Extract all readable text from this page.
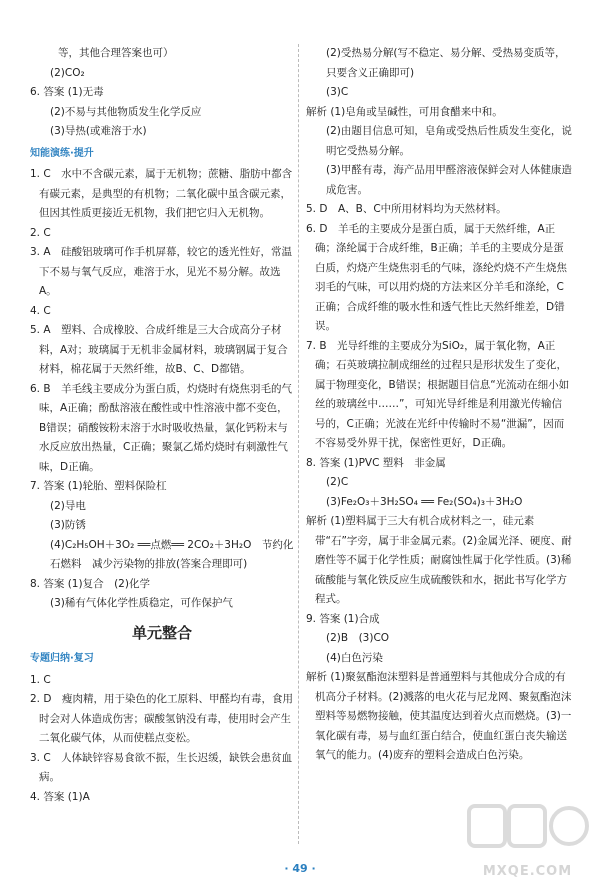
等，其他合理答案也可）

(2)CO₂

6. 答案 (1)无毒

(2)不易与其他物质发生化学反应

(3)导热(或难溶于水)

知能演练·提升

1. C　水中不含碳元素，属于无机物；蔗糖、脂肪中都含有碳元素，是典型的有机物；二氧化碳中虽含碳元素，但因其性质更接近无机物，我们把它归入无机物。

2. C

3. A　硅酸铝玻璃可作手机屏幕，较它的透光性好，常温下不易与氧气反应，难溶于水，见光不易分解。故选A。

4. C

5. A　塑料、合成橡胶、合成纤维是三大合成高分子材料，A对；玻璃属于无机非金属材料，玻璃钢属于复合材料，棉花属于天然纤维，故B、C、D都错。

6. B　羊毛线主要成分为蛋白质，灼烧时有烧焦羽毛的气味，A正确；酚酞溶液在酸性或中性溶液中都不变色，B错误；硝酸铵粉末溶于水时吸收热量，氯化钙粉末与水反应放出热量，C正确；聚氯乙烯灼烧时有刺激性气味，D正确。

7. 答案 (1)轮胎、塑料保险杠

(2)导电

(3)防锈

(4)C₂H₅OH＋3O₂ ══点燃══ 2CO₂＋3H₂O　节约化石燃料　减少污染物的排放(答案合理即可)

8. 答案 (1)复合　(2)化学

(3)稀有气体化学性质稳定，可作保护气

单元整合

专题归纳·复习

1. C

2. D　瘦肉精，用于染色的化工原料、甲醛均有毒，食用时会对人体造成伤害；碳酸氢钠没有毒，使用时会产生二氧化碳气体，从而使糕点变松。

3. C　人体缺锌容易食欲不振，生长迟缓，缺铁会患贫血病。

4. 答案 (1)A

(2)受热易分解(写不稳定、易分解、受热易变质等，只要含义正确即可)

(3)C

解析 (1)皂角或呈碱性，可用食醋来中和。

(2)由题目信息可知，皂角或受热后性质发生变化，说明它受热易分解。

(3)甲醛有毒，海产品用甲醛溶液保鲜会对人体健康造成危害。

5. D　A、B、C中所用材料均为天然材料。

6. D　羊毛的主要成分是蛋白质，属于天然纤维，A正确；涤纶属于合成纤维，B正确；羊毛的主要成分是蛋白质，灼烧产生烧焦羽毛的气味，涤纶灼烧不产生烧焦羽毛的气味，可以用灼烧的方法来区分羊毛和涤纶，C正确；合成纤维的吸水性和透气性比天然纤维差，D错误。

7. B　光导纤维的主要成分为SiO₂，属于氧化物，A正确；石英玻璃拉制成细丝的过程只是形状发生了变化，属于物理变化，B错误；根据题目信息“光流动在细小如丝的玻璃丝中……”，可知光导纤维是利用激光传输信号的，C正确；光波在光纤中传输时不易“泄漏”，因而不容易受外界干扰，保密性更好，D正确。

8. 答案 (1)PVC 塑料　非金属

(2)C

(3)Fe₂O₃＋3H₂SO₄ ══ Fe₂(SO₄)₃＋3H₂O

解析 (1)塑料属于三大有机合成材料之一，硅元素带“石”字旁，属于非金属元素。(2)金属光泽、硬度、耐磨性等不属于化学性质；耐腐蚀性属于化学性质。(3)稀硫酸能与氧化铁反应生成硫酸铁和水，据此书写化学方程式。

9. 答案 (1)合成

(2)B　(3)CO

(4)白色污染

解析 (1)聚氨酯泡沫塑料是普通塑料与其他成分合成的有机高分子材料。(2)溅落的电火花与尼龙网、聚氨酯泡沫塑料等易燃物接触，使其温度达到着火点而燃烧。(3)一氧化碳有毒，易与血红蛋白结合，使血红蛋白丧失输送氧气的能力。(4)废弃的塑料会造成白色污染。

· 49 ·	MXQE.COM
